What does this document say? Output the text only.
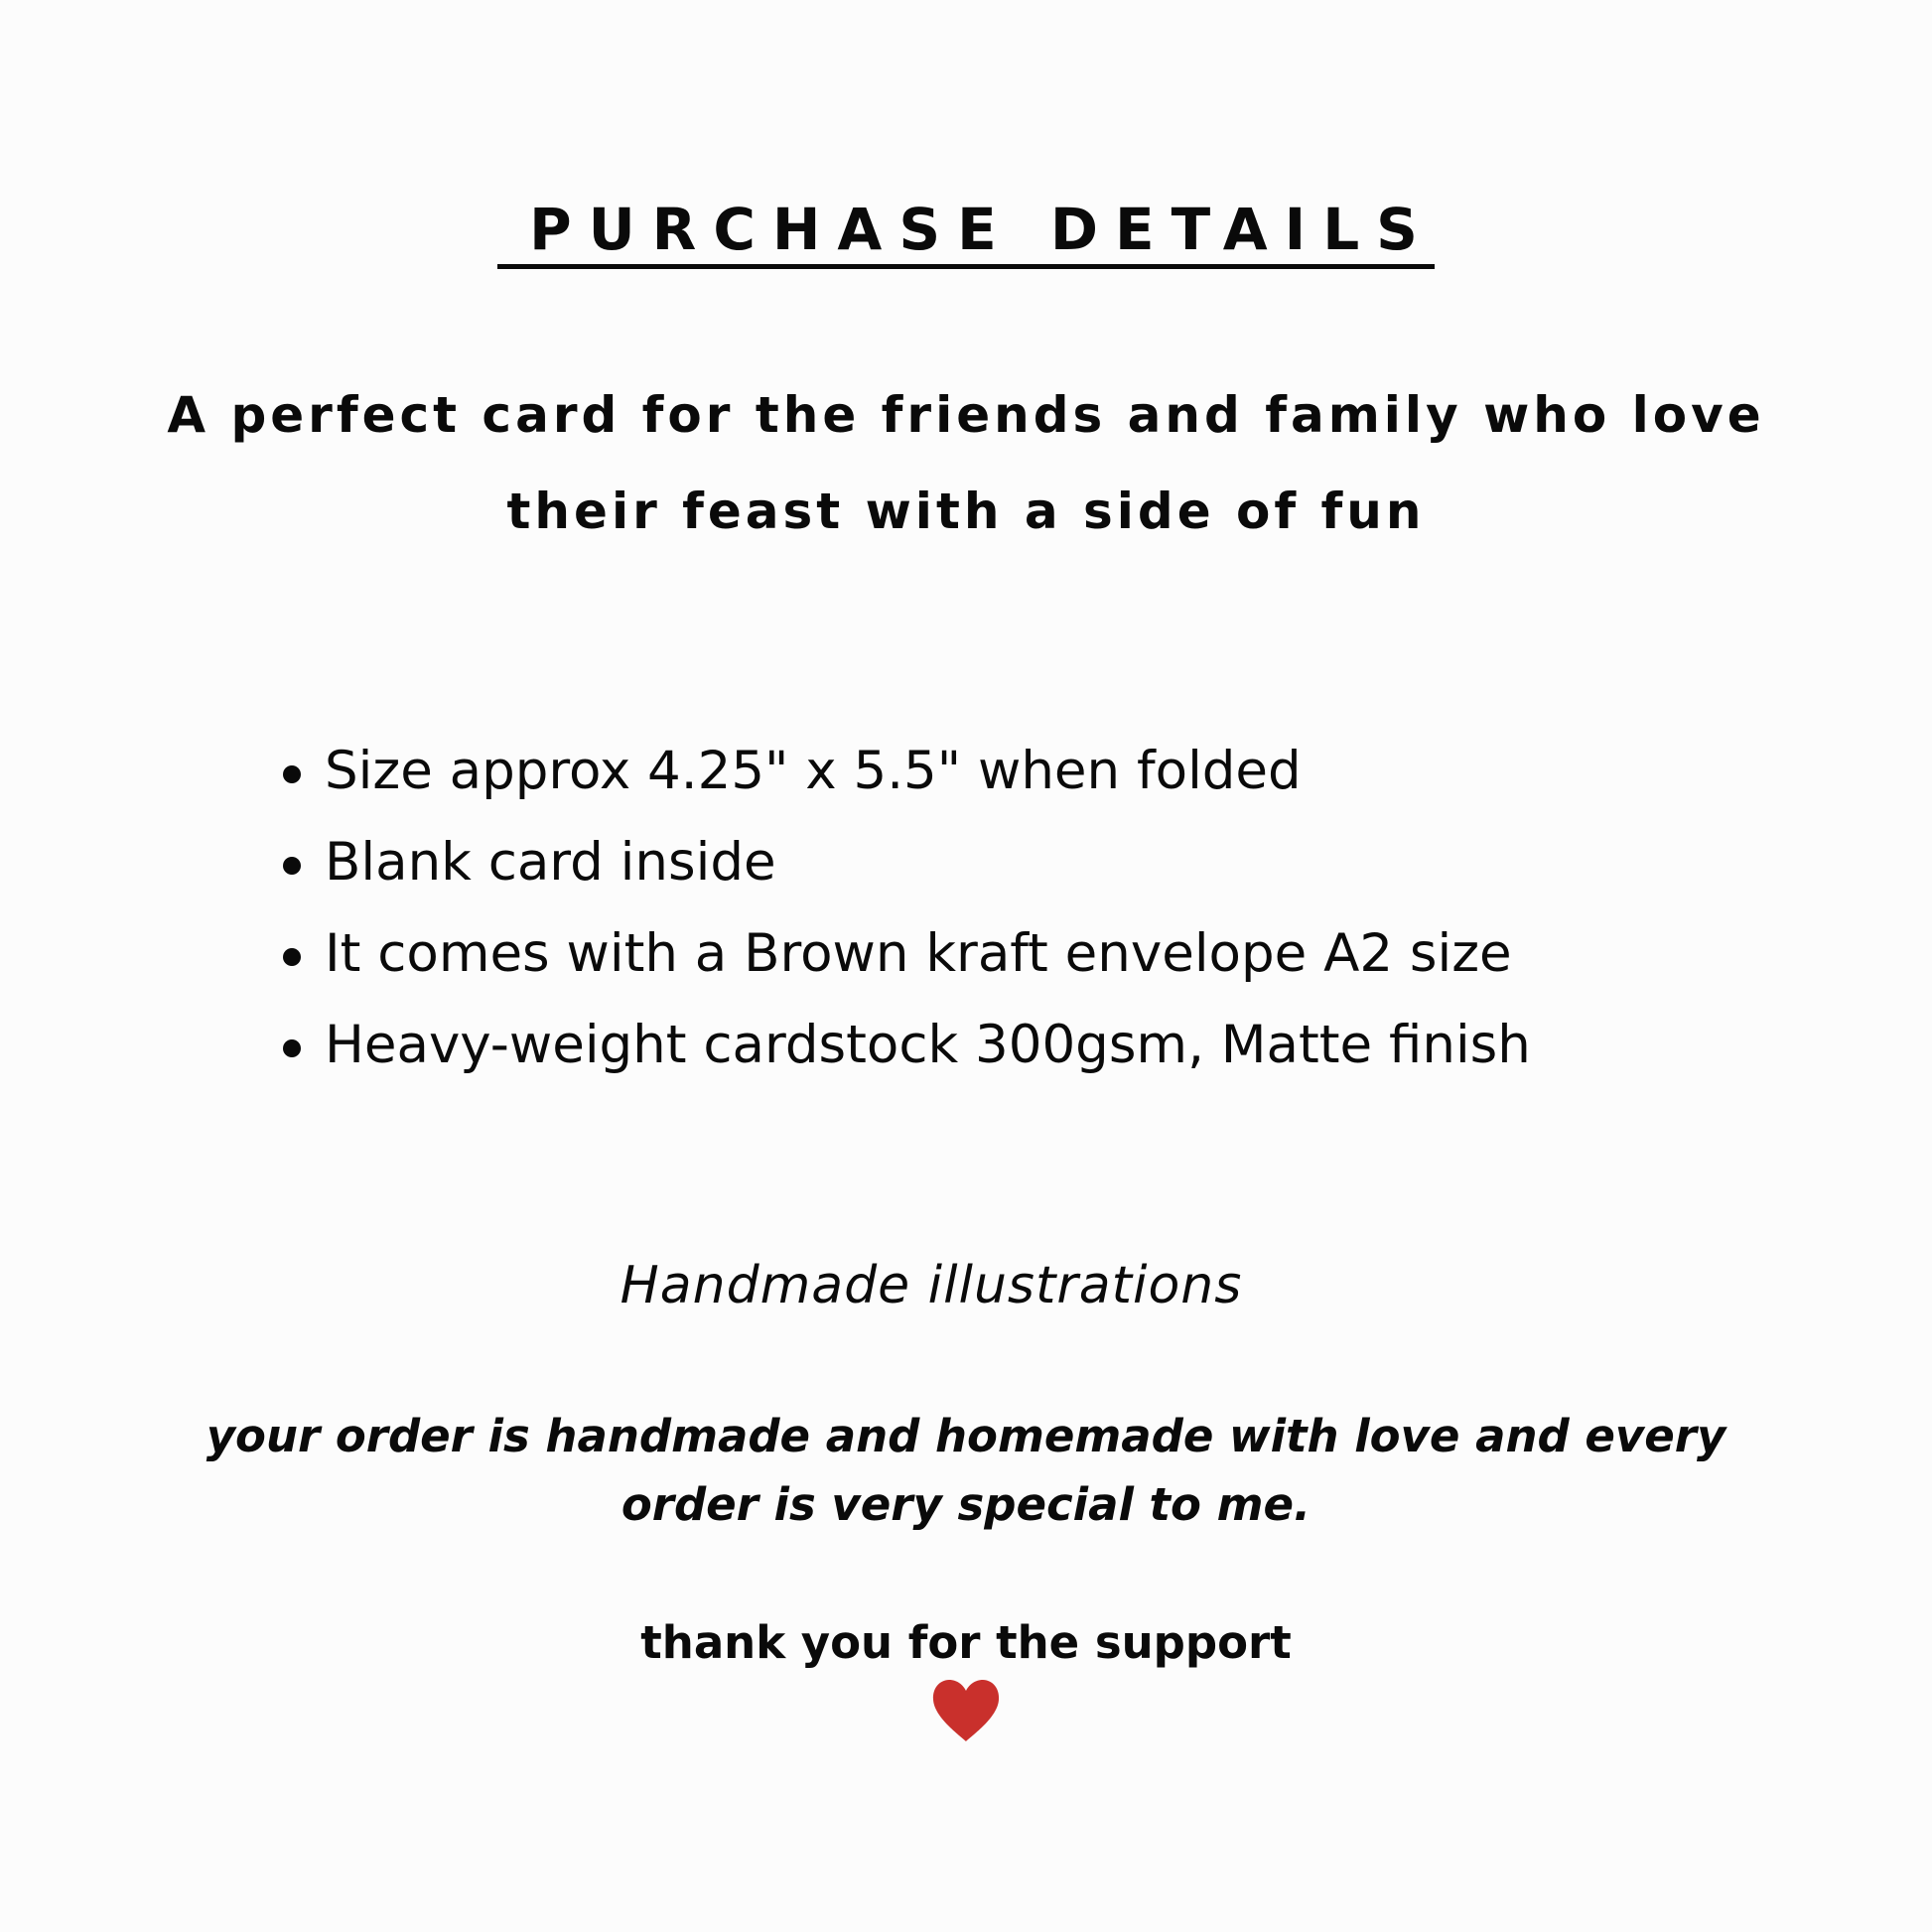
PURCHASE DETAILS

A perfect card for the friends and family who love their feast with a side of fun

Size approx 4.25" x 5.5" when folded
Blank card inside
It comes with a Brown kraft envelope A2 size
Heavy-weight cardstock 300gsm, Matte finish

Handmade illustrations

your order is handmade and homemade with love and every order is very special to me.

thank you for the support
